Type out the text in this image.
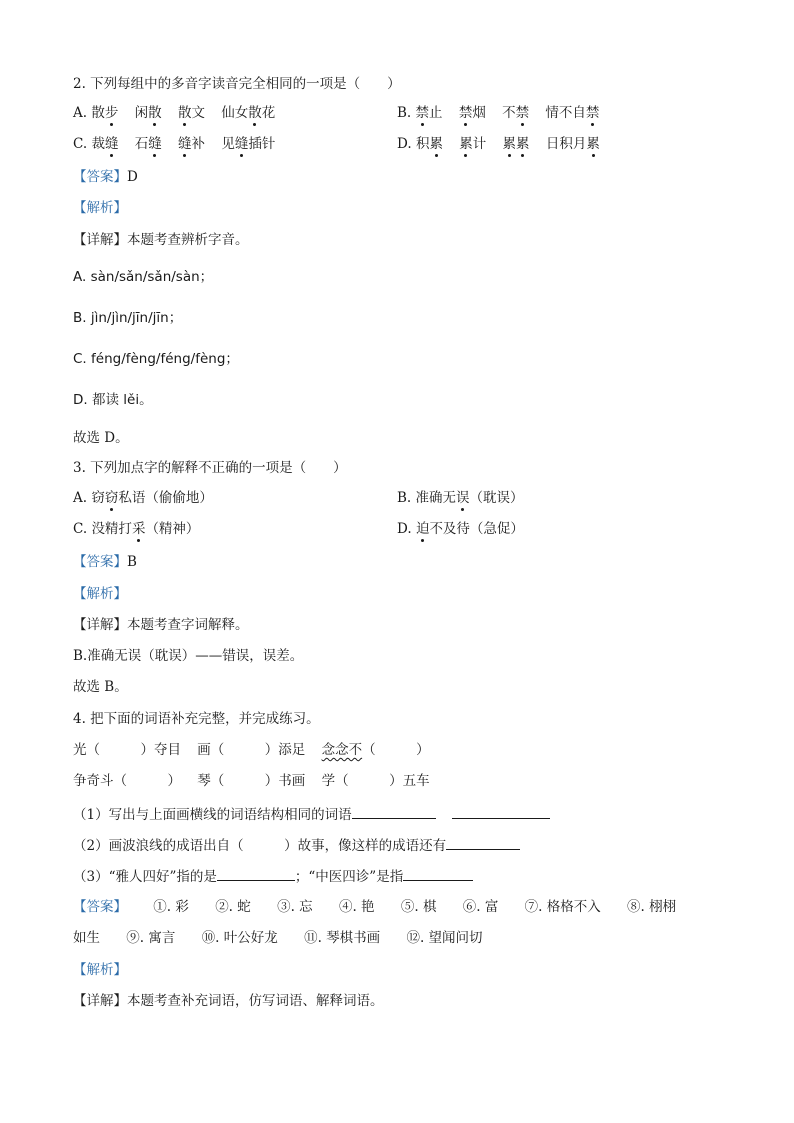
2. 下列每组中的多音字读音完全相同的一项是（　　）
A. 散步 闲散 散文 仙女散花	B. 禁止 禁烟 不禁 情不自禁
C. 裁缝 石缝 缝补 见缝插针	D. 积累 累计 累累 日积月累
【答案】D
【解析】
【详解】本题考查辨析字音。
A. sàn/sǎn/sǎn/sàn；
B. jìn/jìn/jīn/jīn；
C. féng/fèng/féng/fèng；
D. 都读 lěi。
故选 D。
3. 下列加点字的解释不正确的一项是（　　）
A. 窃窃私语（偷偷地）	B. 准确无误（耽误）
C. 没精打采（精神）	D. 迫不及待（急促）
【答案】B
【解析】
【详解】本题考查字词解释。
B.准确无误（耽误）——错误，误差。
故选 B。
4. 把下面的词语补充完整，并完成练习。
光（　　　）夺目 画（　　　）添足 念念不（　　　）
争奇斗（　　　） 琴（　　　）书画 学（　　　）五车
（1）写出与上面画横线的词语结构相同的词语
（2）画波浪线的成语出自（　　　）故事，像这样的成语还有
（3）“雅人四好”指的是	；“中医四诊”是指
【答案】 ①. 彩 ②. 蛇 ③. 忘 ④. 艳 ⑤. 棋 ⑥. 富 ⑦. 格格不入 ⑧. 栩栩
如生 ⑨. 寓言 ⑩. 叶公好龙 ⑪. 琴棋书画 ⑫. 望闻问切
【解析】
【详解】本题考查补充词语，仿写词语、解释词语。
